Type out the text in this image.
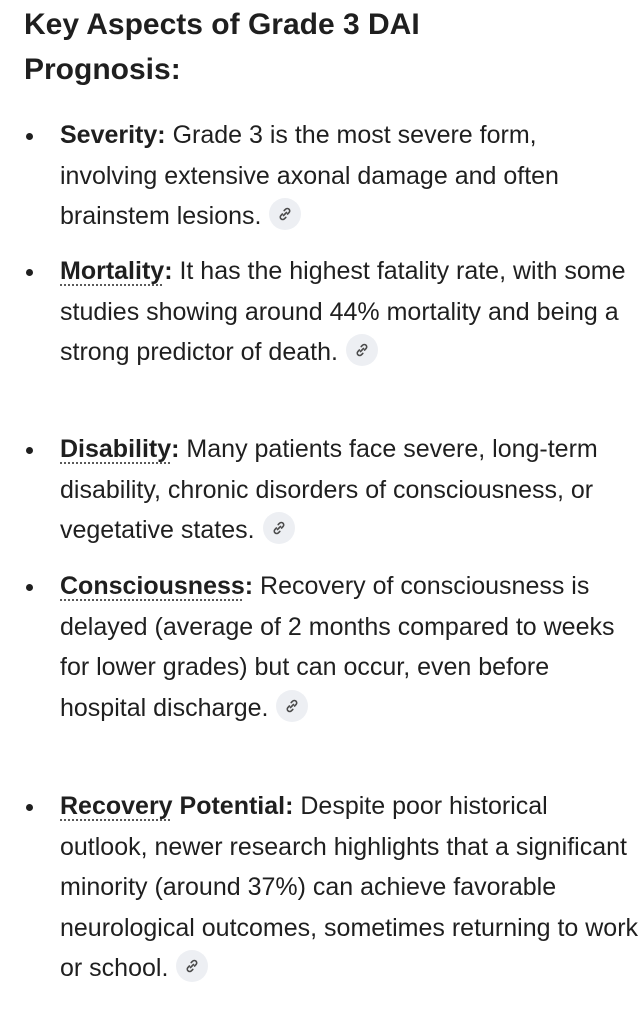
Key Aspects of Grade 3 DAI Prognosis:
Severity: Grade 3 is the most severe form, involving extensive axonal damage and often brainstem lesions.
Mortality: It has the highest fatality rate, with some studies showing around 44% mortality and being a strong predictor of death.
Disability: Many patients face severe, long-term disability, chronic disorders of consciousness, or vegetative states.
Consciousness: Recovery of consciousness is delayed (average of 2 months compared to weeks for lower grades) but can occur, even before hospital discharge.
Recovery Potential: Despite poor historical outlook, newer research highlights that a significant minority (around 37%) can achieve favorable neurological outcomes, sometimes returning to work or school.
